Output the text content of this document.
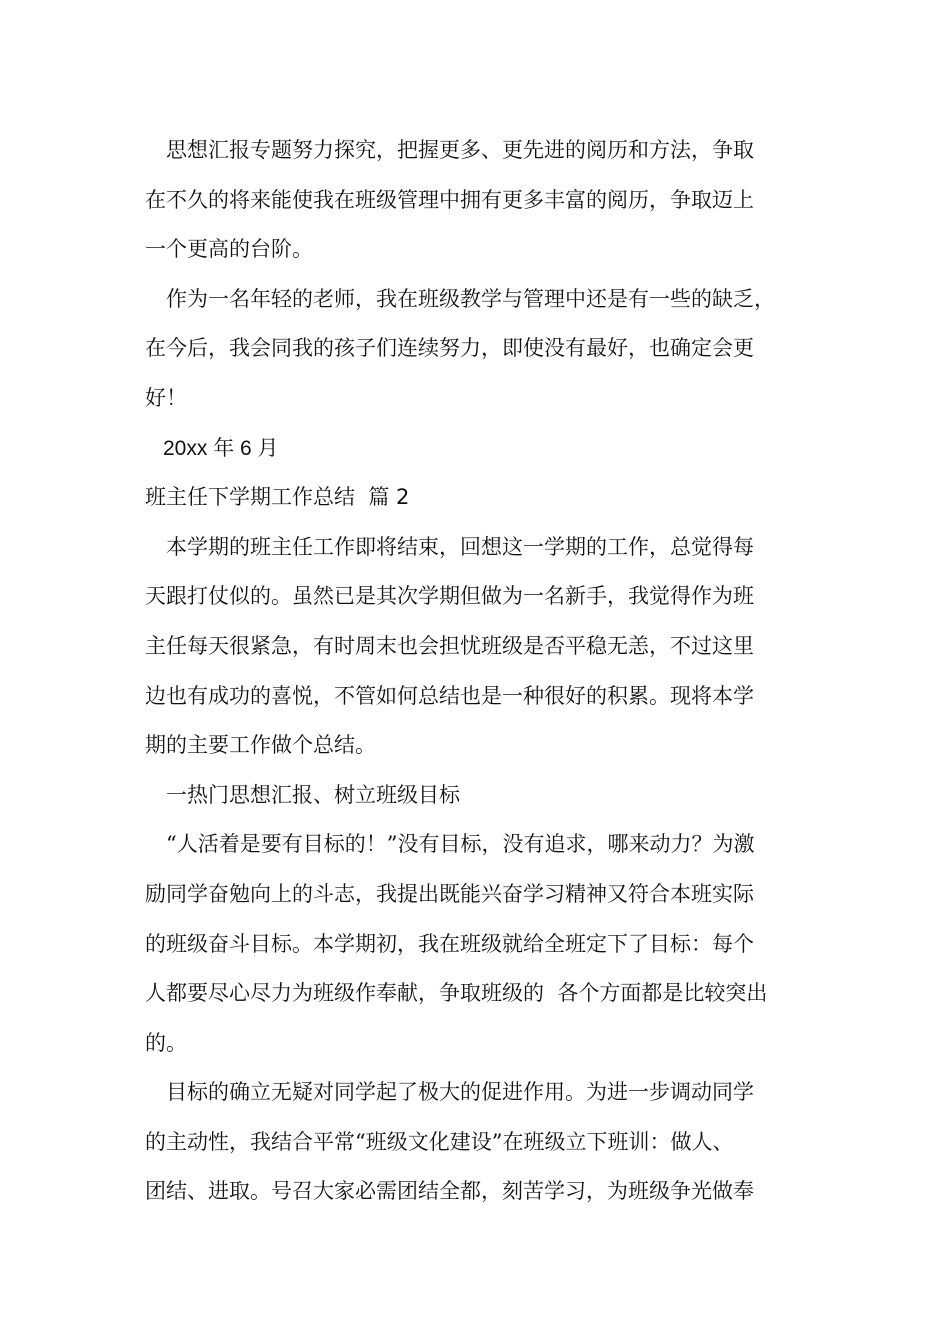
思想汇报专题努力探究，把握更多、更先进的阅历和方法，争取
在不久的将来能使我在班级管理中拥有更多丰富的阅历，争取迈上
一个更高的台阶。

作为一名年轻的老师，我在班级教学与管理中还是有一些的缺乏，
在今后，我会同我的孩子们连续努力，即使没有最好，也确定会更
好！

20xx 年 6 月

班主任下学期工作总结  篇 2

本学期的班主任工作即将结束，回想这一学期的工作，总觉得每
天跟打仗似的。虽然已是其次学期但做为一名新手，我觉得作为班
主任每天很紧急，有时周末也会担忧班级是否平稳无恙，不过这里
边也有成功的喜悦，不管如何总结也是一种很好的积累。现将本学
期的主要工作做个总结。

一热门思想汇报、树立班级目标

“人活着是要有目标的！”没有目标，没有追求，哪来动力？为激
励同学奋勉向上的斗志，我提出既能兴奋学习精神又符合本班实际
的班级奋斗目标。本学期初，我在班级就给全班定下了目标：每个
人都要尽心尽力为班级作奉献，争取班级的  各个方面都是比较突出
的。

目标的确立无疑对同学起了极大的促进作用。为进一步调动同学
的主动性，我结合平常“班级文化建设”在班级立下班训：做人、
团结、进取。号召大家必需团结全都，刻苦学习，为班级争光做奉
